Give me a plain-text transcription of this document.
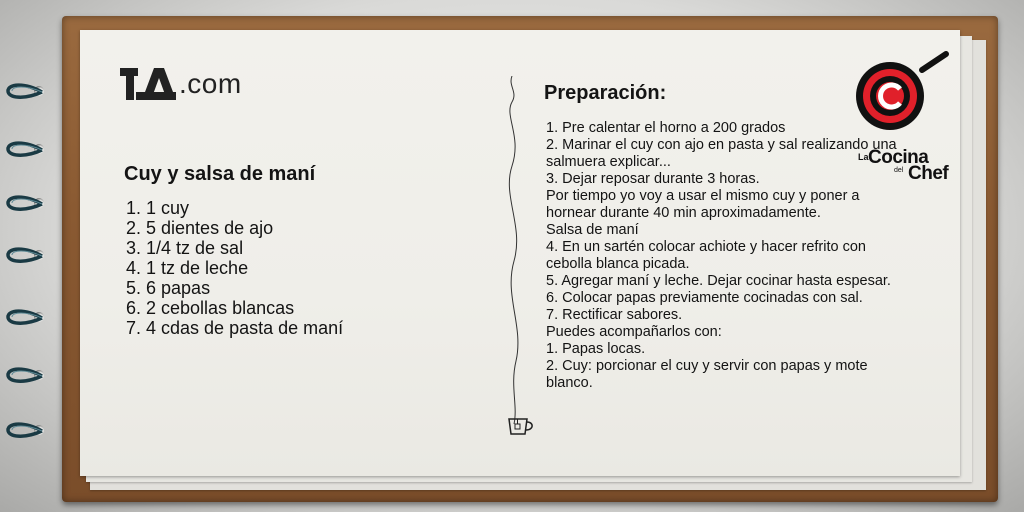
.com
Cuy y salsa de maní
1. 1 cuy
2. 5 dientes de ajo
3. 1/4 tz de sal
4. 1 tz de leche
5. 6 papas
6. 2 cebollas blancas
7. 4 cdas de pasta de maní
Preparación:
1. Pre calentar el horno a 200 grados
2. Marinar el cuy con ajo en pasta y sal realizando una salmuera explicar...
3. Dejar reposar durante 3 horas.
Por tiempo yo voy a usar el mismo cuy y poner a hornear durante 40 min aproximadamente.
Salsa de maní
4. En un sartén colocar achiote y hacer refrito con cebolla blanca picada.
5. Agregar maní y leche. Dejar cocinar hasta espesar.
6. Colocar papas previamente cocinadas con sal.
7. Rectificar sabores.
Puedes acompañarlos con:
1. Papas locas.
2. Cuy: porcionar el cuy y servir con papas y mote blanco.
La Cocina
del Chef
